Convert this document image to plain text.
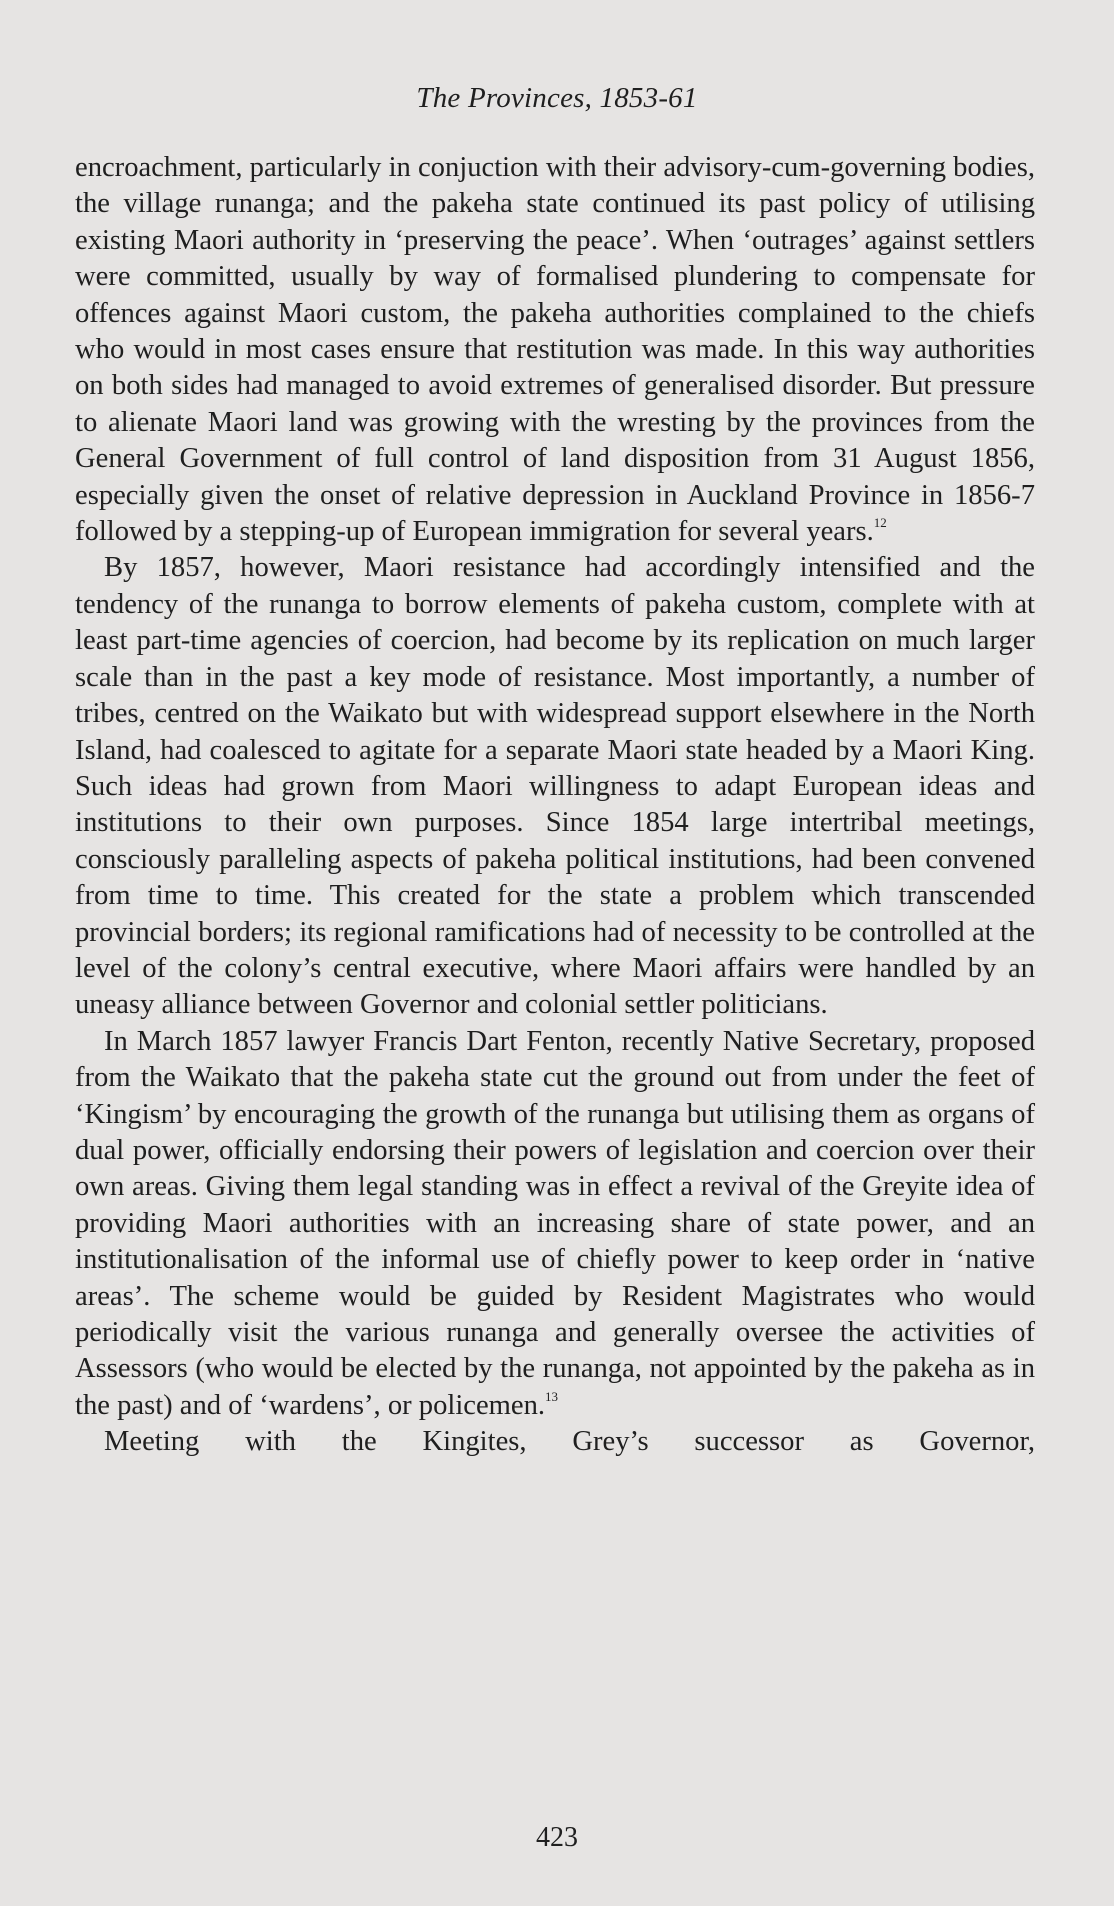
The Provinces, 1853-61

encroachment, particularly in conjuction with their advisory-cum-governing bodies, the village runanga; and the pakeha state continued its past policy of utilising existing Maori authority in ‘preserving the peace’. When ‘outrages’ against settlers were committed, usually by way of formalised plundering to compensate for offences against Maori custom, the pakeha authorities complained to the chiefs who would in most cases ensure that restitution was made. In this way authorities on both sides had managed to avoid extremes of generalised disorder. But pressure to alienate Maori land was growing with the wresting by the provinces from the General Government of full control of land disposition from 31 August 1856, especially given the onset of relative depression in Auckland Province in 1856-7 followed by a stepping-up of European immigration for several years.$^{12}$

By 1857, however, Maori resistance had accordingly intensified and the tendency of the runanga to borrow elements of pakeha custom, complete with at least part-time agencies of coercion, had become by its replication on much larger scale than in the past a key mode of resistance. Most importantly, a number of tribes, centred on the Waikato but with widespread support elsewhere in the North Island, had coalesced to agitate for a separate Maori state headed by a Maori King. Such ideas had grown from Maori willingness to adapt European ideas and institutions to their own purposes. Since 1854 large intertribal meetings, consciously paralleling aspects of pakeha political institutions, had been convened from time to time. This created for the state a problem which transcended provincial borders; its regional ramifications had of necessity to be controlled at the level of the colony’s central executive, where Maori affairs were handled by an uneasy alliance between Governor and colonial settler politicians.

In March 1857 lawyer Francis Dart Fenton, recently Native Secretary, proposed from the Waikato that the pakeha state cut the ground out from under the feet of ‘Kingism’ by encouraging the growth of the runanga but utilising them as organs of dual power, officially endorsing their powers of legislation and coercion over their own areas. Giving them legal standing was in effect a revival of the Greyite idea of providing Maori authorities with an increasing share of state power, and an institutionalisation of the informal use of chiefly power to keep order in ‘native areas’. The scheme would be guided by Resident Magistrates who would periodically visit the various runanga and generally oversee the activities of Assessors (who would be elected by the runanga, not appointed by the pakeha as in the past) and of ‘wardens’, or policemen.$^{13}$

Meeting with the Kingites, Grey’s successor as Governor,

423
